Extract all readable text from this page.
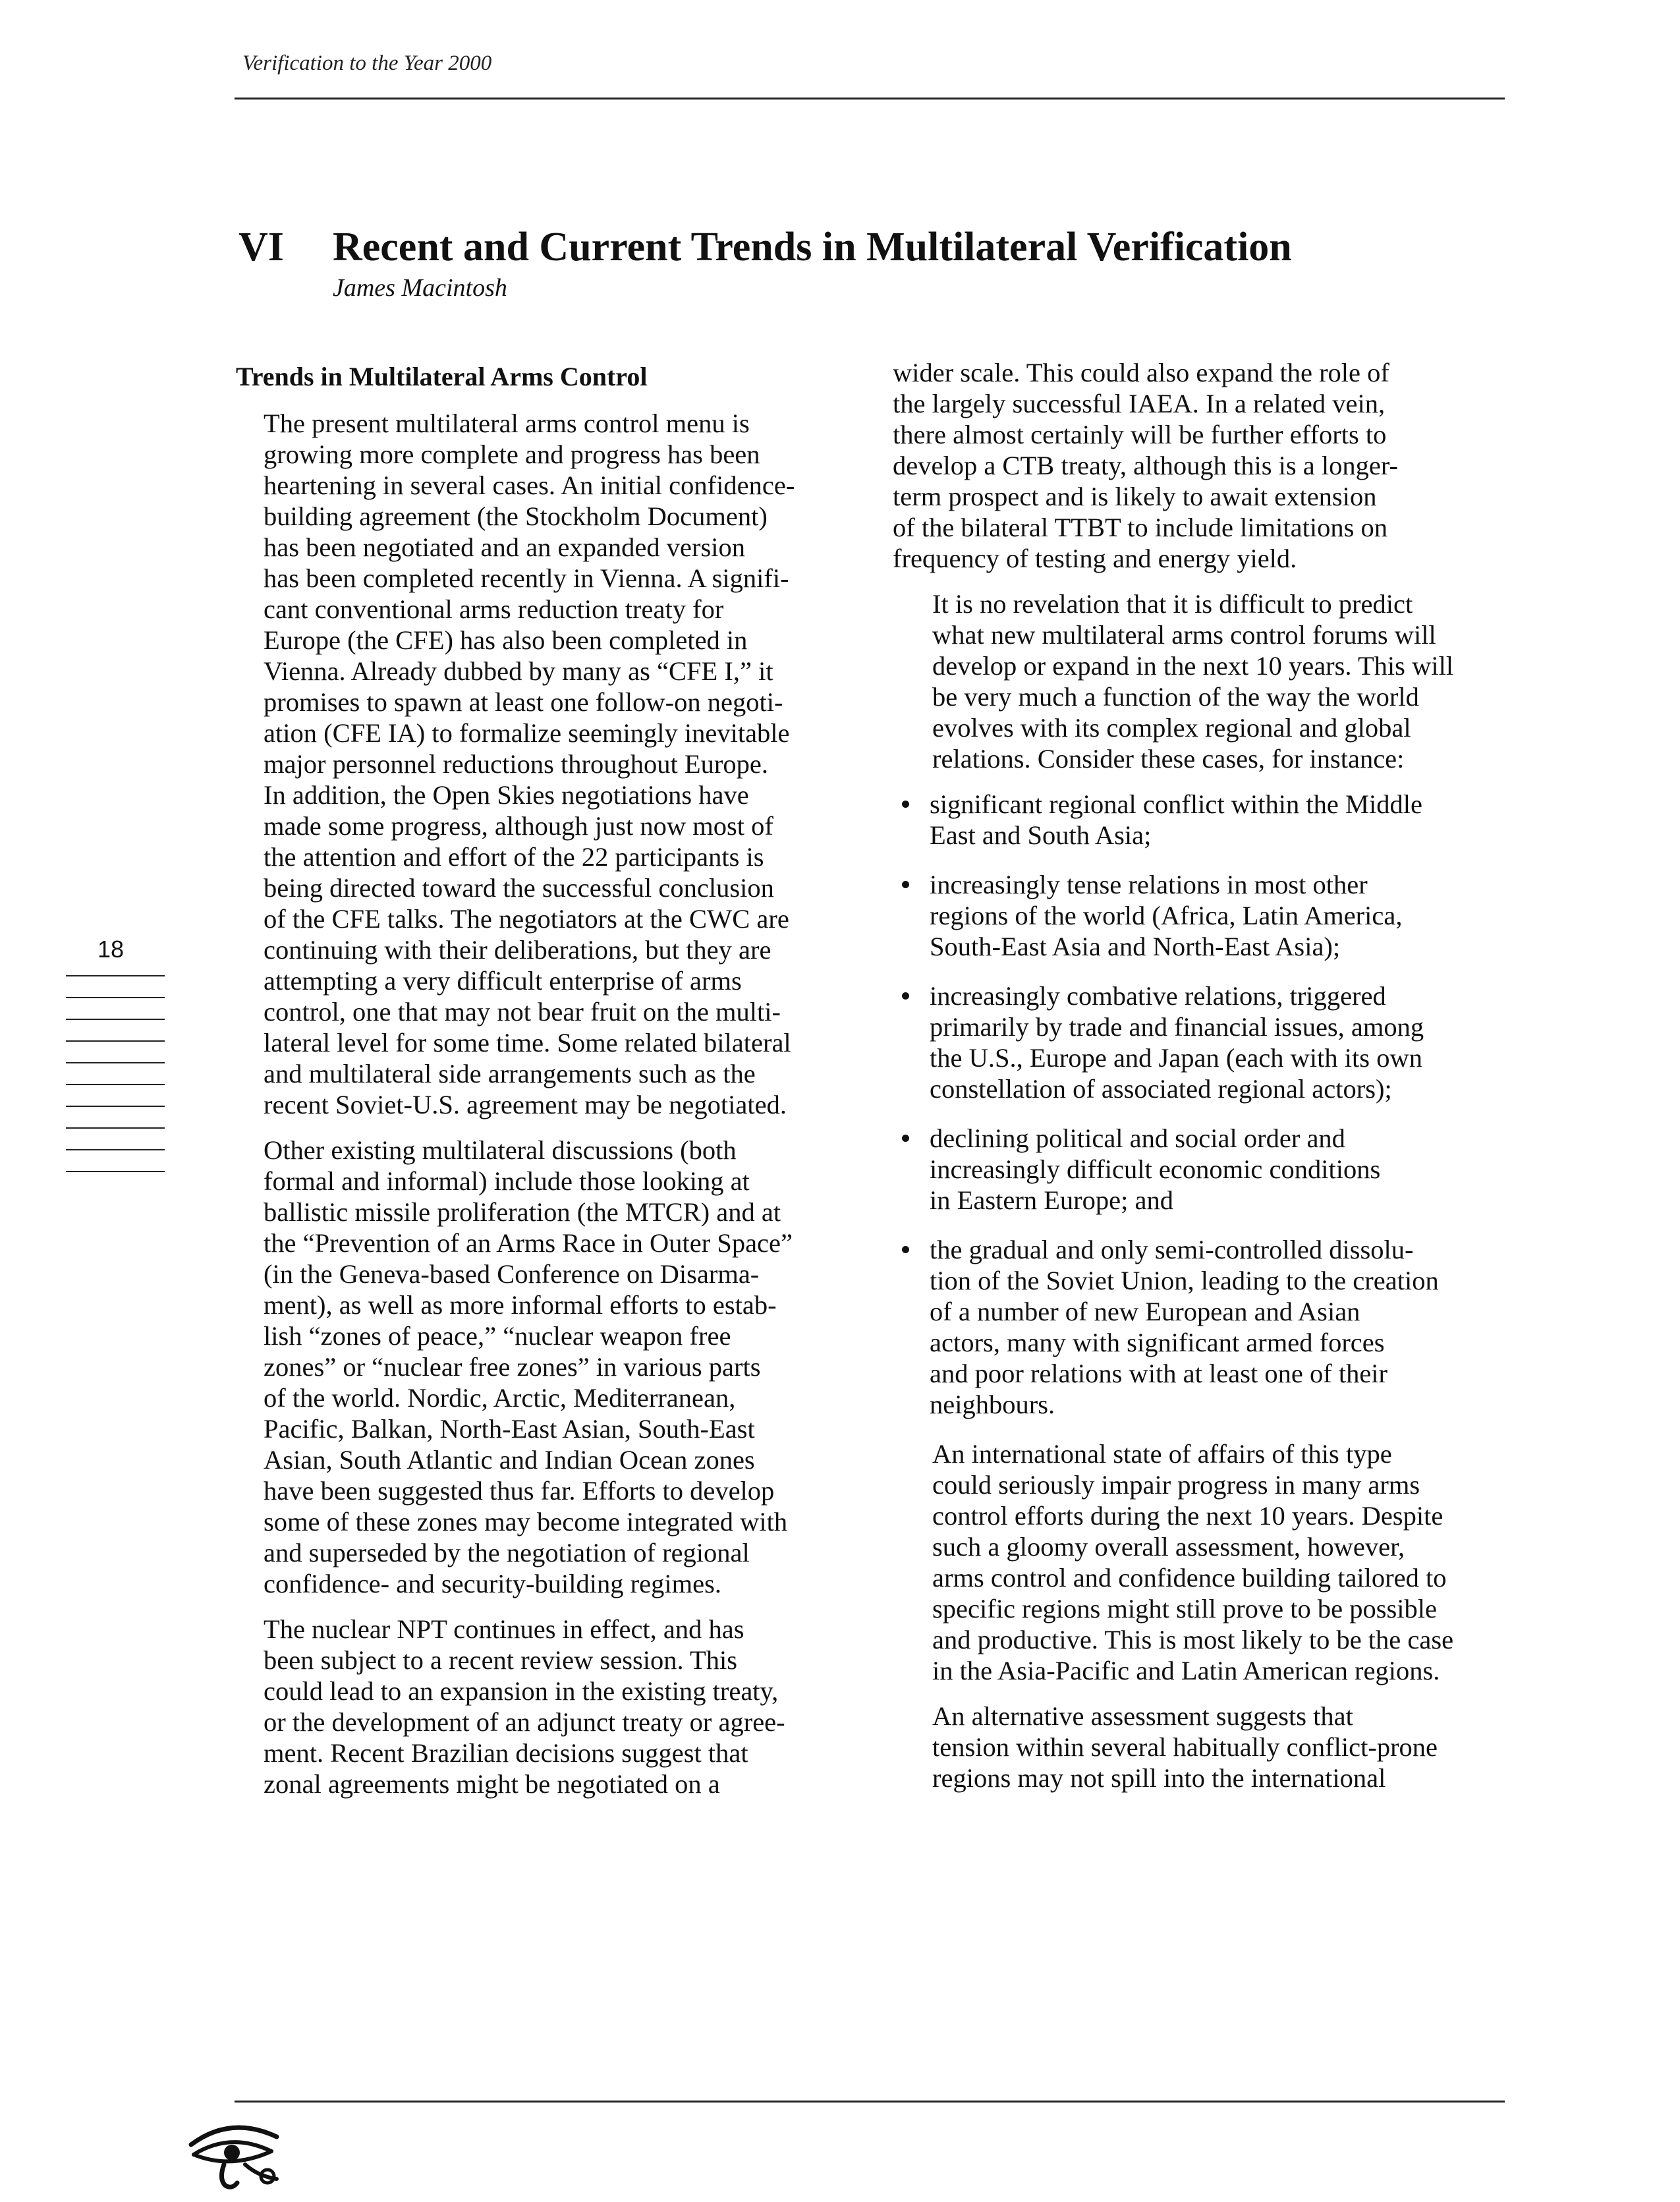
Verification to the Year 2000
VI Recent and Current Trends in Multilateral Verification
James Macintosh
Trends in Multilateral Arms Control
The present multilateral arms control menu is
growing more complete and progress has been
heartening in several cases. An initial confidence-
building agreement (the Stockholm Document)
has been negotiated and an expanded version
has been completed recently in Vienna. A signifi-
cant conventional arms reduction treaty for
Europe (the CFE) has also been completed in
Vienna. Already dubbed by many as “CFE I,” it
promises to spawn at least one follow-on negoti-
ation (CFE IA) to formalize seemingly inevitable
major personnel reductions throughout Europe.
In addition, the Open Skies negotiations have
made some progress, although just now most of
the attention and effort of the 22 participants is
being directed toward the successful conclusion
of the CFE talks. The negotiators at the CWC are
continuing with their deliberations, but they are
attempting a very difficult enterprise of arms
control, one that may not bear fruit on the multi-
lateral level for some time. Some related bilateral
and multilateral side arrangements such as the
recent Soviet-U.S. agreement may be negotiated.
Other existing multilateral discussions (both
formal and informal) include those looking at
ballistic missile proliferation (the MTCR) and at
the “Prevention of an Arms Race in Outer Space”
(in the Geneva-based Conference on Disarma-
ment), as well as more informal efforts to estab-
lish “zones of peace,” “nuclear weapon free
zones” or “nuclear free zones” in various parts
of the world. Nordic, Arctic, Mediterranean,
Pacific, Balkan, North-East Asian, South-East
Asian, South Atlantic and Indian Ocean zones
have been suggested thus far. Efforts to develop
some of these zones may become integrated with
and superseded by the negotiation of regional
confidence- and security-building regimes.
The nuclear NPT continues in effect, and has
been subject to a recent review session. This
could lead to an expansion in the existing treaty,
or the development of an adjunct treaty or agree-
ment. Recent Brazilian decisions suggest that
zonal agreements might be negotiated on a
wider scale. This could also expand the role of
the largely successful IAEA. In a related vein,
there almost certainly will be further efforts to
develop a CTB treaty, although this is a longer-
term prospect and is likely to await extension
of the bilateral TTBT to include limitations on
frequency of testing and energy yield.
It is no revelation that it is difficult to predict
what new multilateral arms control forums will
develop or expand in the next 10 years. This will
be very much a function of the way the world
evolves with its complex regional and global
relations. Consider these cases, for instance:
significant regional conflict within the Middle
East and South Asia;
increasingly tense relations in most other
regions of the world (Africa, Latin America,
South-East Asia and North-East Asia);
increasingly combative relations, triggered
primarily by trade and financial issues, among
the U.S., Europe and Japan (each with its own
constellation of associated regional actors);
declining political and social order and
increasingly difficult economic conditions
in Eastern Europe; and
the gradual and only semi-controlled dissolu-
tion of the Soviet Union, leading to the creation
of a number of new European and Asian
actors, many with significant armed forces
and poor relations with at least one of their
neighbours.
An international state of affairs of this type
could seriously impair progress in many arms
control efforts during the next 10 years. Despite
such a gloomy overall assessment, however,
arms control and confidence building tailored to
specific regions might still prove to be possible
and productive. This is most likely to be the case
in the Asia-Pacific and Latin American regions.
An alternative assessment suggests that
tension within several habitually conflict-prone
regions may not spill into the international
18
